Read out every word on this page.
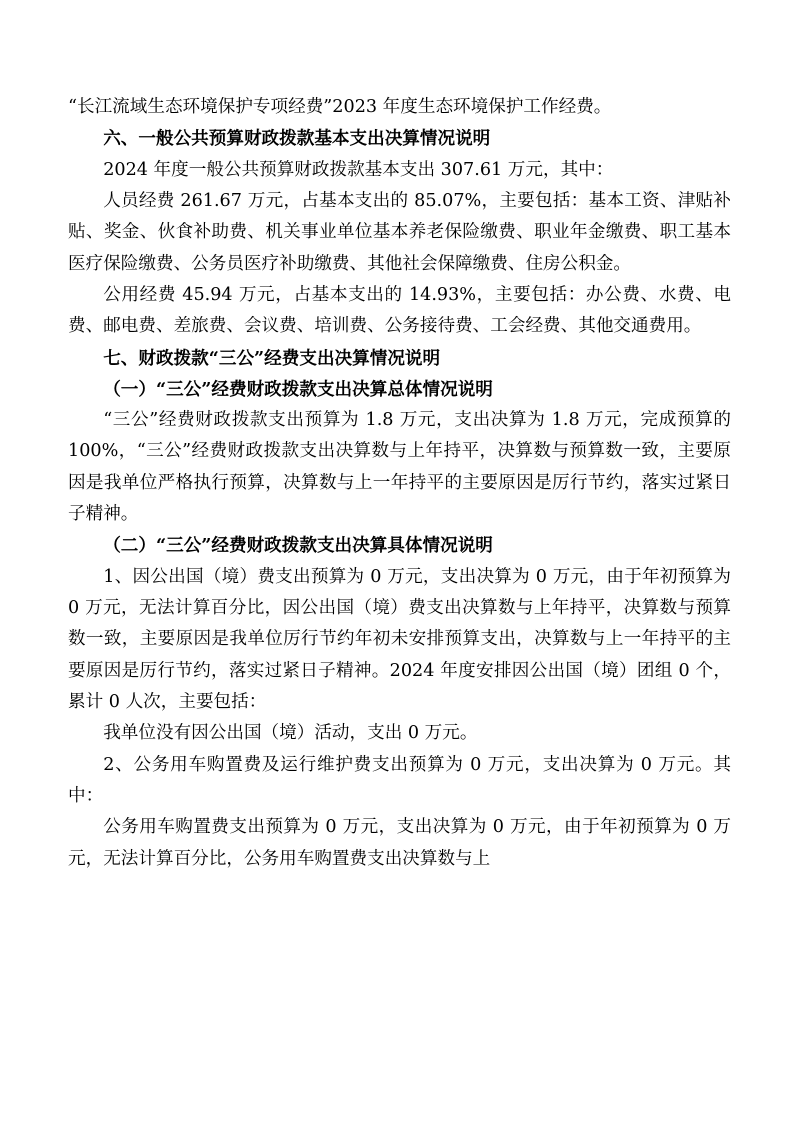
“长江流域生态环境保护专项经费”2023 年度生态环境保护工作经费。

六、一般公共预算财政拨款基本支出决算情况说明

2024 年度一般公共预算财政拨款基本支出 307.61 万元，其中：

人员经费 261.67 万元，占基本支出的 85.07%，主要包括：基本工资、津贴补贴、奖金、伙食补助费、机关事业单位基本养老保险缴费、职业年金缴费、职工基本医疗保险缴费、公务员医疗补助缴费、其他社会保障缴费、住房公积金。

公用经费 45.94 万元，占基本支出的 14.93%，主要包括：办公费、水费、电费、邮电费、差旅费、会议费、培训费、公务接待费、工会经费、其他交通费用。

七、财政拨款“三公”经费支出决算情况说明

（一）“三公”经费财政拨款支出决算总体情况说明

“三公”经费财政拨款支出预算为 1.8 万元，支出决算为 1.8 万元，完成预算的 100%，“三公”经费财政拨款支出决算数与上年持平，决算数与预算数一致，主要原因是我单位严格执行预算，决算数与上一年持平的主要原因是厉行节约，落实过紧日子精神。

（二）“三公”经费财政拨款支出决算具体情况说明

1、因公出国（境）费支出预算为 0 万元，支出决算为 0 万元，由于年初预算为 0 万元，无法计算百分比，因公出国（境）费支出决算数与上年持平，决算数与预算数一致，主要原因是我单位厉行节约年初未安排预算支出，决算数与上一年持平的主要原因是厉行节约，落实过紧日子精神。2024 年度安排因公出国（境）团组 0 个，累计 0 人次，主要包括：

我单位没有因公出国（境）活动，支出 0 万元。

2、公务用车购置费及运行维护费支出预算为 0 万元，支出决算为 0 万元。其中：

公务用车购置费支出预算为 0 万元，支出决算为 0 万元，由于年初预算为 0 万元，无法计算百分比，公务用车购置费支出决算数与上
